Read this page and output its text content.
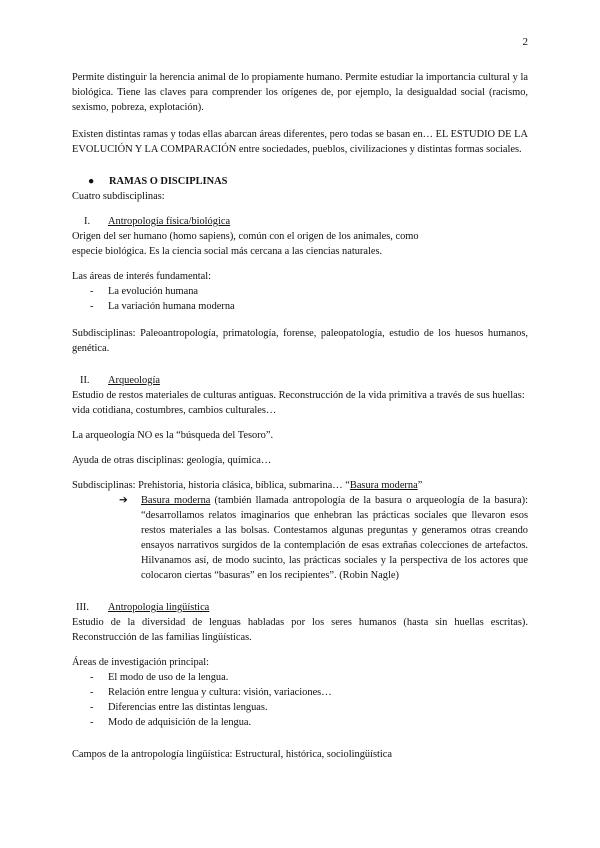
2

Permite distinguir la herencia animal de lo propiamente humano. Permite estudiar la importancia cultural y la biológica. Tiene las claves para comprender los orígenes de, por ejemplo, la desigualdad social (racismo, sexismo, pobreza, explotación).

Existen distintas ramas y todas ellas abarcan áreas diferentes, pero todas se basan en… EL ESTUDIO DE LA EVOLUCIÓN Y LA COMPARACIÓN entre sociedades, pueblos, civilizaciones y distintas formas sociales.

● RAMAS O DISCIPLINAS

Cuatro subdisciplinas:

I.	Antropología física/biológica

Origen del ser humano (homo sapiens), común con el origen de los animales, como

especie biológica. Es la ciencia social más cercana a las ciencias naturales.

Las áreas de interés fundamental:

-	La evolución humana
-	La variación humana moderna

Subdisciplinas: Paleoantropología, primatología, forense, paleopatología, estudio de los huesos humanos, genética.

II.	Arqueología

Estudio de restos materiales de culturas antiguas. Reconstrucción de la vida primitiva a través de sus huellas: vida cotidiana, costumbres, cambios culturales…

La arqueología NO es la “búsqueda del Tesoro”.

Ayuda de otras disciplinas: geología, química…

Subdisciplinas: Prehistoria, historia clásica, bíblica, submarina… “Basura moderna”

➔	Basura moderna (también llamada antropología de la basura o arqueología de la basura): “desarrollamos relatos imaginarios que enhebran las prácticas sociales que llevaron esos restos materiales a las bolsas. Contestamos algunas preguntas y generamos otras creando ensayos narrativos surgidos de la contemplación de esas extrañas colecciones de artefactos. Hilvanamos así, de modo sucinto, las prácticas sociales y la perspectiva de los actores que colocaron ciertas “basuras” en los recipientes”. (Robin Nagle)
III.	Antropología lingüística

Estudio de la diversidad de lenguas habladas por los seres humanos (hasta sin huellas escritas). Reconstrucción de las familias lingüísticas.

Áreas de investigación principal:

-	El modo de uso de la lengua.
-	Relación entre lengua y cultura: visión, variaciones…
-	Diferencias entre las distintas lenguas.
-	Modo de adquisición de la lengua.

Campos de la antropología lingüística: Estructural, histórica, sociolingüística
